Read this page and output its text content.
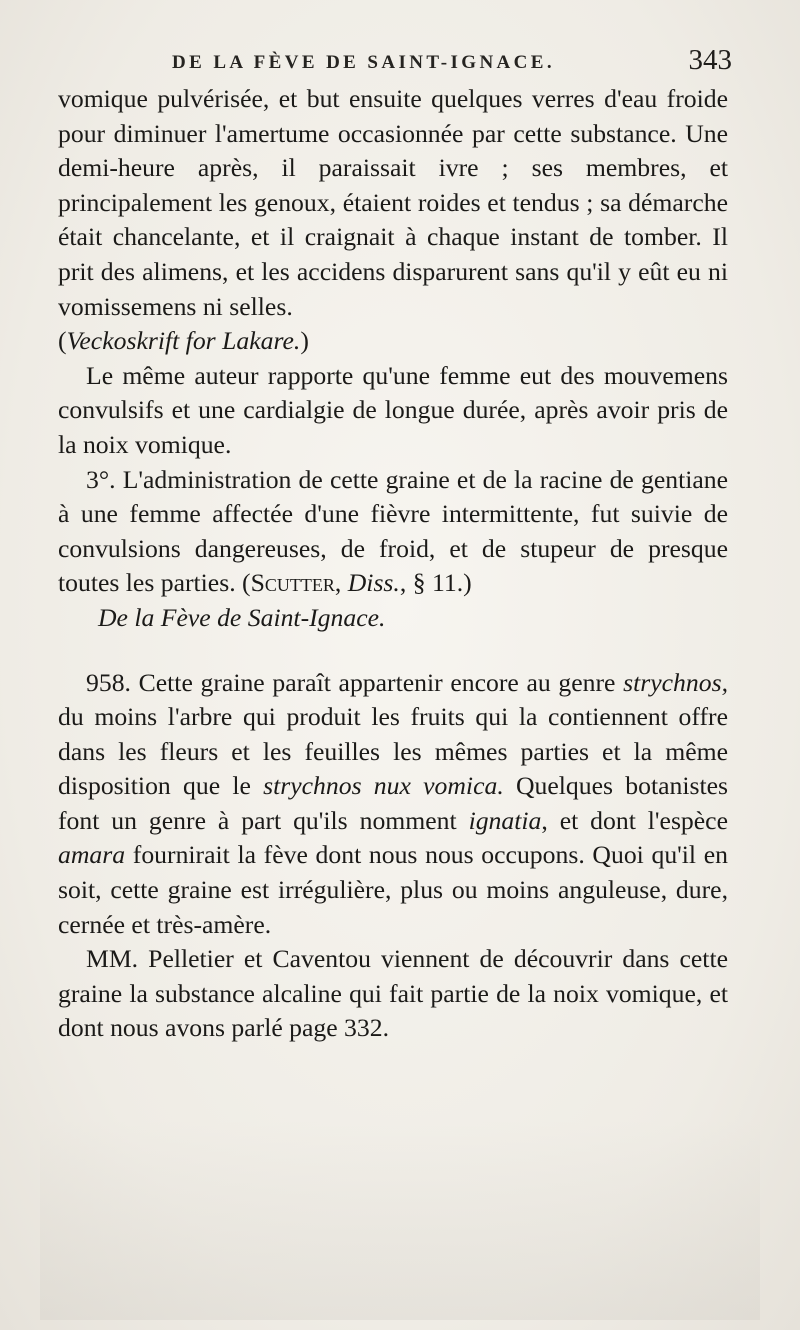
DE LA FÈVE DE SAINT-IGNACE.	343

vomique pulvérisée, et but ensuite quelques verres d'eau froide pour diminuer l'amertume occasionnée par cette substance. Une demi-heure après, il paraissait ivre ; ses membres, et principalement les genoux, étaient roides et tendus ; sa démarche était chancelante, et il craignait à chaque instant de tomber. Il prit des alimens, et les accidens disparurent sans qu'il y eût eu ni vomissemens ni selles.
(Veckoskrift for Lakare.)

Le même auteur rapporte qu'une femme eut des mouvemens convulsifs et une cardialgie de longue durée, après avoir pris de la noix vomique.

3°. L'administration de cette graine et de la racine de gentiane à une femme affectée d'une fièvre intermittente, fut suivie de convulsions dangereuses, de froid, et de stupeur de presque toutes les parties. (Scutter, Diss., § 11.)

De la Fève de Saint-Ignace.

958. Cette graine paraît appartenir encore au genre strychnos, du moins l'arbre qui produit les fruits qui la contiennent offre dans les fleurs et les feuilles les mêmes parties et la même disposition que le strychnos nux vomica. Quelques botanistes font un genre à part qu'ils nomment ignatia, et dont l'espèce amara fournirait la fève dont nous nous occupons. Quoi qu'il en soit, cette graine est irrégulière, plus ou moins anguleuse, dure, cernée et très-amère.

MM. Pelletier et Caventou viennent de découvrir dans cette graine la substance alcaline qui fait partie de la noix vomique, et dont nous avons parlé page 332.
